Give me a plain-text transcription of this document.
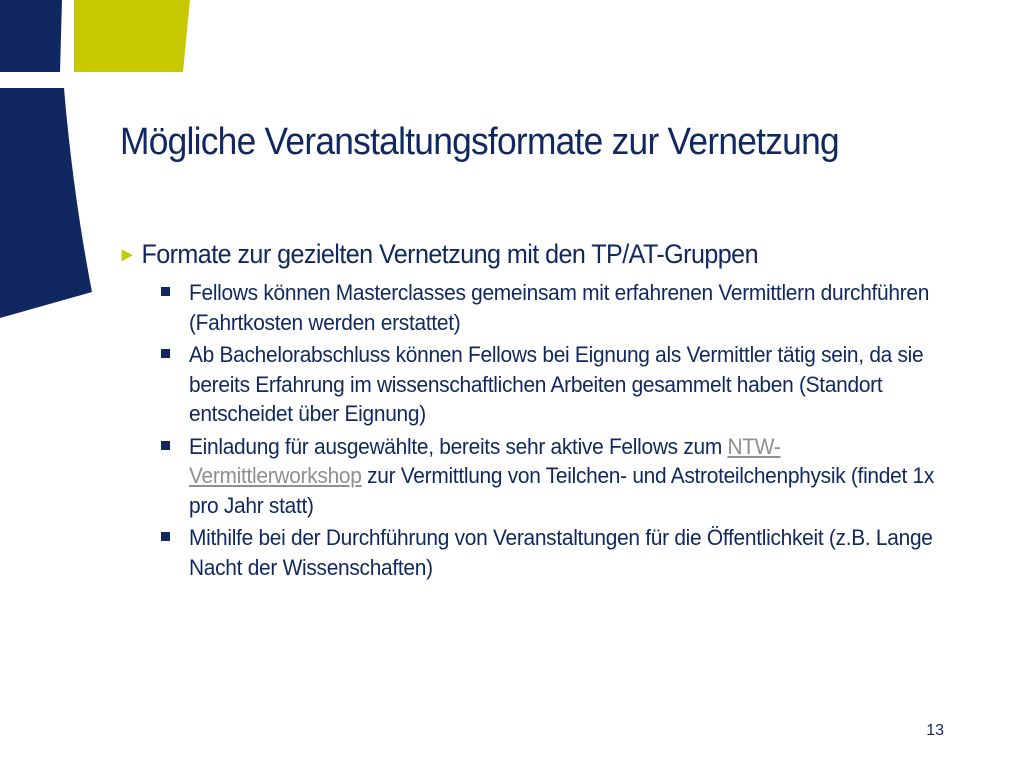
Mögliche Veranstaltungsformate zur Vernetzung
► Formate zur gezielten Vernetzung mit den TP/AT-Gruppen
Fellows können Masterclasses gemeinsam mit erfahrenen Vermittlern durchführen (Fahrtkosten werden erstattet)
Ab Bachelorabschluss können Fellows bei Eignung als Vermittler tätig sein, da sie bereits Erfahrung im wissenschaftlichen Arbeiten gesammelt haben (Standort entscheidet über Eignung)
Einladung für ausgewählte, bereits sehr aktive Fellows zum NTW-Vermittlerworkshop zur Vermittlung von Teilchen- und Astroteilchenphysik (findet 1x pro Jahr statt)
Mithilfe bei der Durchführung von Veranstaltungen für die Öffentlichkeit (z.B. Lange Nacht der Wissenschaften)
13
